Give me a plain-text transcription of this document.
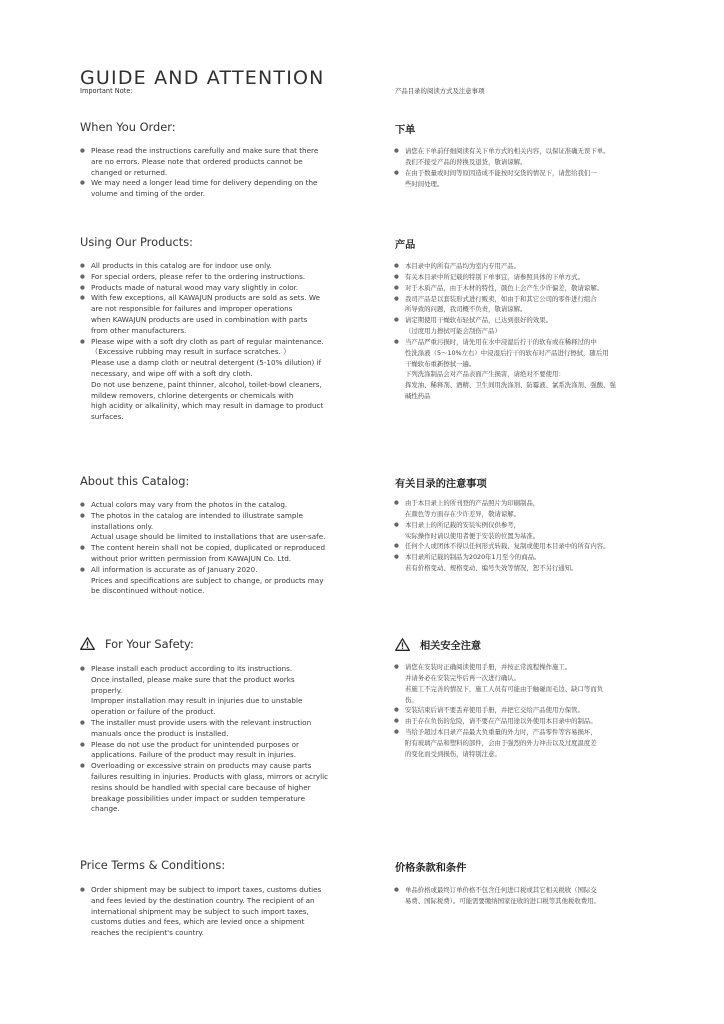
GUIDE AND ATTENTION
Important Note:	产品目录的阅读方式及注意事项
When You Order:	下单
● Please read the instructions carefully and make sure that there
are no errors. Please note that ordered products cannot be
changed or returned.
● We may need a longer lead time for delivery depending on the
volume and timing of the order.
● 请您在下单前仔细阅读有关下单方式的相关内容，以保证准确无误下单。
我们不接受产品的替换及退货，敬请谅解。
● 在由于数量或时间等原因造成不能按时交货的情况下，请您给我们一
些时间处理。
Using Our Products:	产品
● All products in this catalog are for indoor use only.
● For special orders, please refer to the ordering instructions.
● Products made of natural wood may vary slightly in color.
● With few exceptions, all KAWAJUN products are sold as sets. We
are not responsible for failures and improper operations
when KAWAJUN products are used in combination with parts
from other manufacturers.
● Please wipe with a soft dry cloth as part of regular maintenance.
（Excessive rubbing may result in surface scratches. ）
Please use a damp cloth or neutral detergent (5-10% dilution) if
necessary, and wipe off with a soft dry cloth.
Do not use benzene, paint thinner, alcohol, toilet-bowl cleaners,
mildew removers, chlorine detergents or chemicals with
high acidity or alkalinity, which may result in damage to product
surfaces.
● 本目录中的所有产品均为室内专用产品。
● 有关本目录中所记载的特别下单事宜，请参照具体的下单方式。
● 对于木质产品，由于木材的特性，颜色上会产生少许偏差，敬请谅解。
● 我司产品是以套装形式进行贩卖，如由于和其它公司的零件进行组合
所导致的问题，我司概不负责，敬请谅解。
● 请定期使用干燥软布轻拭产品，已达到很好的效果。
（过度用力擦拭可能会刮伤产品）
● 当产品严重污损时，请先用在水中浸湿后拧干的软布或在稀释过的中
性洗涤液（5～10%左右）中浸湿后拧干的软布对产品进行擦拭，随后用
干燥软布重新擦拭一遍。
下列洗涤制品会对产品表面产生损害，请绝对不要使用：
挥发油、稀释剂、酒精、卫生间用洗涤剂、防霉液、氯系洗涤剂、强酸、强
碱性药品
About this Catalog:	有关目录的注意事项
● Actual colors may vary from the photos in the catalog.
● The photos in the catalog are intended to illustrate sample
installations only.
Actual usage should be limited to installations that are user-safe.
● The content herein shall not be copied, duplicated or reproduced
without prior written permission from KAWAJUN Co. Ltd.
● All information is accurate as of January 2020.
Prices and specifications are subject to change, or products may
be discontinued without notice.
● 由于本目录上的所刊登的产品照片为印刷制品，
在颜色等方面存在少许差异，敬请谅解。
● 本目录上的所记载的安装实例仅供参考，
实际操作时请以使用者便于安装的位置为基准。
● 任何个人或团体不得以任何形式转载、复制或使用本目录中的所有内容。
● 本目录所记载的制品为2020年1月至今的商品。
若有价格变动、规格变动、编号失效等情况，恕不另行通知。
For Your Safety:	相关安全注意
● Please install each product according to its instructions.
Once installed, please make sure that the product works
properly.
Improper installation may result in injuries due to unstable
operation or failure of the product.
● The installer must provide users with the relevant instruction
manuals once the product is installed.
● Please do not use the product for unintended purposes or
applications. Failure of the product may result in injuries.
● Overloading or excessive strain on products may cause parts
failures resulting in injuries. Products with glass, mirrors or acrylic
resins should be handled with special care because of higher
breakage possibilities under impact or sudden temperature
change.
● 请您在安装时正确阅读使用手册，并按正常流程操作施工。
并请务必在安装完毕后再一次进行确认。
若施工不完善的情况下，施工人员有可能由于触碰而毛边、缺口等而负
伤。
● 安装结束后请不要丢弃使用手册，并把它交给产品使用方保管。
● 由于存在负伤的危险，请不要在产品用途以外使用本目录中的制品。
● 当给予超过本目录产品最大负重量的外力时，产品零件等容易损坏，
附有玻璃产品和塑料的部件，会由于强烈的外力冲击以及过度温度差
的变化而受到损伤，请特别注意。
Price Terms & Conditions:	价格条款和条件
● Order shipment may be subject to import taxes, customs duties
and fees levied by the destination country. The recipient of an
international shipment may be subject to such import taxes,
customs duties and fees, which are levied once a shipment
reaches the recipient's country.
● 单品价格或最终订单价格不包含任何进口税或其它相关税收（国际交
易费、国际税费）。可能需要缴纳国家征收的进口税等其他税收费用。
